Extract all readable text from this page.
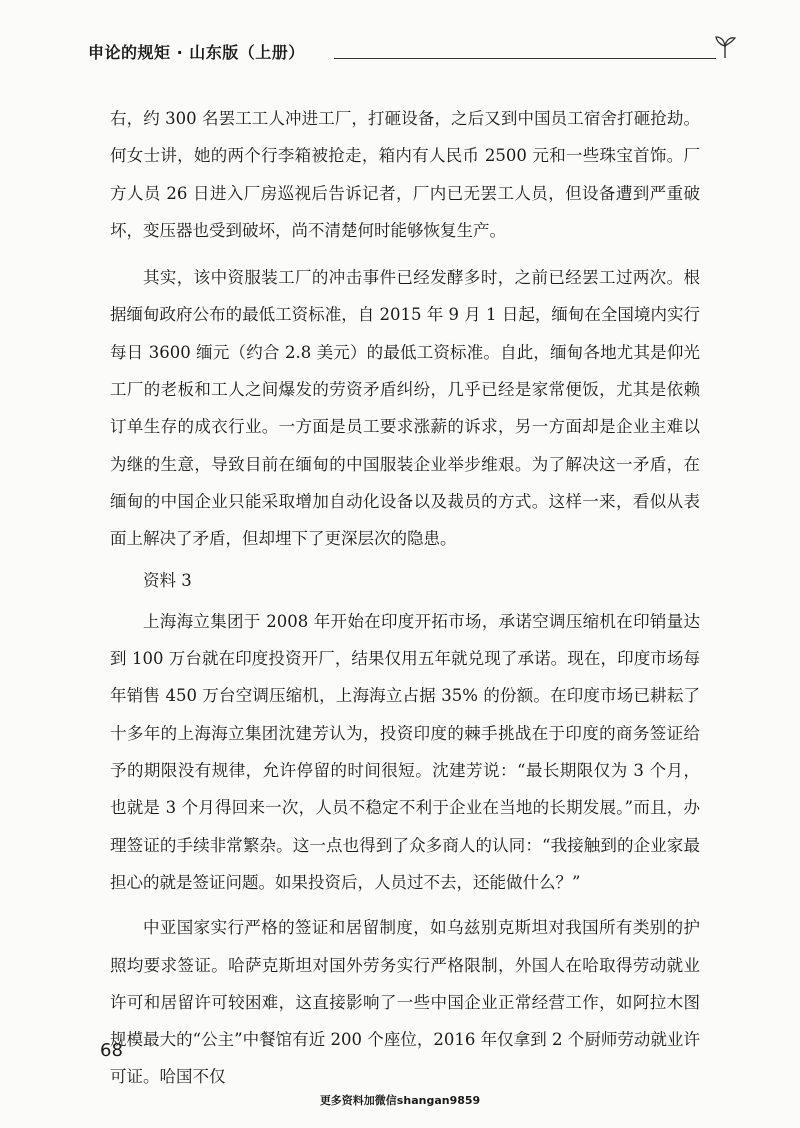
申论的规矩 · 山东版（上册）

右，约 300 名罢工工人冲进工厂，打砸设备，之后又到中国员工宿舍打砸抢劫。何女士讲，她的两个行李箱被抢走，箱内有人民币 2500 元和一些珠宝首饰。厂方人员 26 日进入厂房巡视后告诉记者，厂内已无罢工人员，但设备遭到严重破坏，变压器也受到破坏，尚不清楚何时能够恢复生产。

其实，该中资服装工厂的冲击事件已经发酵多时，之前已经罢工过两次。根据缅甸政府公布的最低工资标准，自 2015 年 9 月 1 日起，缅甸在全国境内实行每日 3600 缅元（约合 2.8 美元）的最低工资标准。自此，缅甸各地尤其是仰光工厂的老板和工人之间爆发的劳资矛盾纠纷，几乎已经是家常便饭，尤其是依赖订单生存的成衣行业。一方面是员工要求涨薪的诉求，另一方面却是企业主难以为继的生意，导致目前在缅甸的中国服装企业举步维艰。为了解决这一矛盾，在缅甸的中国企业只能采取增加自动化设备以及裁员的方式。这样一来，看似从表面上解决了矛盾，但却埋下了更深层次的隐患。

资料 3

上海海立集团于 2008 年开始在印度开拓市场，承诺空调压缩机在印销量达到 100 万台就在印度投资开厂，结果仅用五年就兑现了承诺。现在，印度市场每年销售 450 万台空调压缩机，上海海立占据 35% 的份额。在印度市场已耕耘了十多年的上海海立集团沈建芳认为，投资印度的棘手挑战在于印度的商务签证给予的期限没有规律，允许停留的时间很短。沈建芳说：“最长期限仅为 3 个月，也就是 3 个月得回来一次，人员不稳定不利于企业在当地的长期发展。”而且，办理签证的手续非常繁杂。这一点也得到了众多商人的认同：“我接触到的企业家最担心的就是签证问题。如果投资后，人员过不去，还能做什么？”

中亚国家实行严格的签证和居留制度，如乌兹别克斯坦对我国所有类别的护照均要求签证。哈萨克斯坦对国外劳务实行严格限制，外国人在哈取得劳动就业许可和居留许可较困难，这直接影响了一些中国企业正常经营工作，如阿拉木图规模最大的“公主”中餐馆有近 200 个座位，2016 年仅拿到 2 个厨师劳动就业许可证。哈国不仅

68
更多资料加微信shangan9859
